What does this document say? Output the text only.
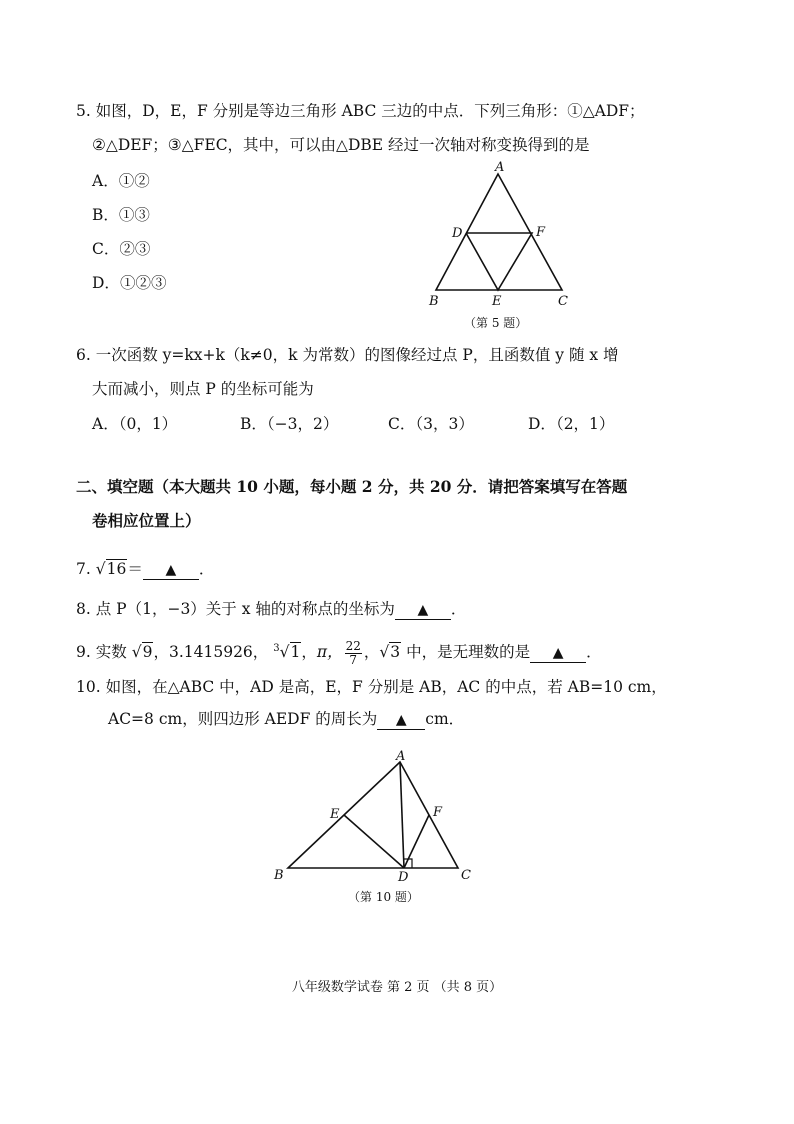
5. 如图，D，E，F 分别是等边三角形 ABC 三边的中点．下列三角形：①△ADF；
②△DEF；③△FEC，其中，可以由△DBE 经过一次轴对称变换得到的是
A．①②
B．①③
C．②③
D．①②③
A
D	F
B	E	C
（第 5 题）
6. 一次函数 y=kx+k（k≠0，k 为常数）的图像经过点 P，且函数值 y 随 x 增
大而减小，则点 P 的坐标可能为
A．（0，1）	B．（−3，2）	C．（3，3）	D．（2，1）
二、填空题（本大题共 10 小题，每小题 2 分，共 20 分．请把答案填写在答题
卷相应位置上）
7. √16＝ ▲ ．
8. 点 P（1，−3）关于 x 轴的对称点的坐标为 ▲ ．
9. 实数 √9，3.1415926， $^3$√1，π， $\frac{22}{7}$ ，√3 中，是无理数的是 ▲ ．
10. 如图，在△ABC 中，AD 是高，E，F 分别是 AB，AC 的中点，若 AB=10 cm，
AC=8 cm，则四边形 AEDF 的周长为 ▲ cm．
A
E	F
B	D	C
（第 10 题）
八年级数学试卷 第 2 页 （共 8 页）
